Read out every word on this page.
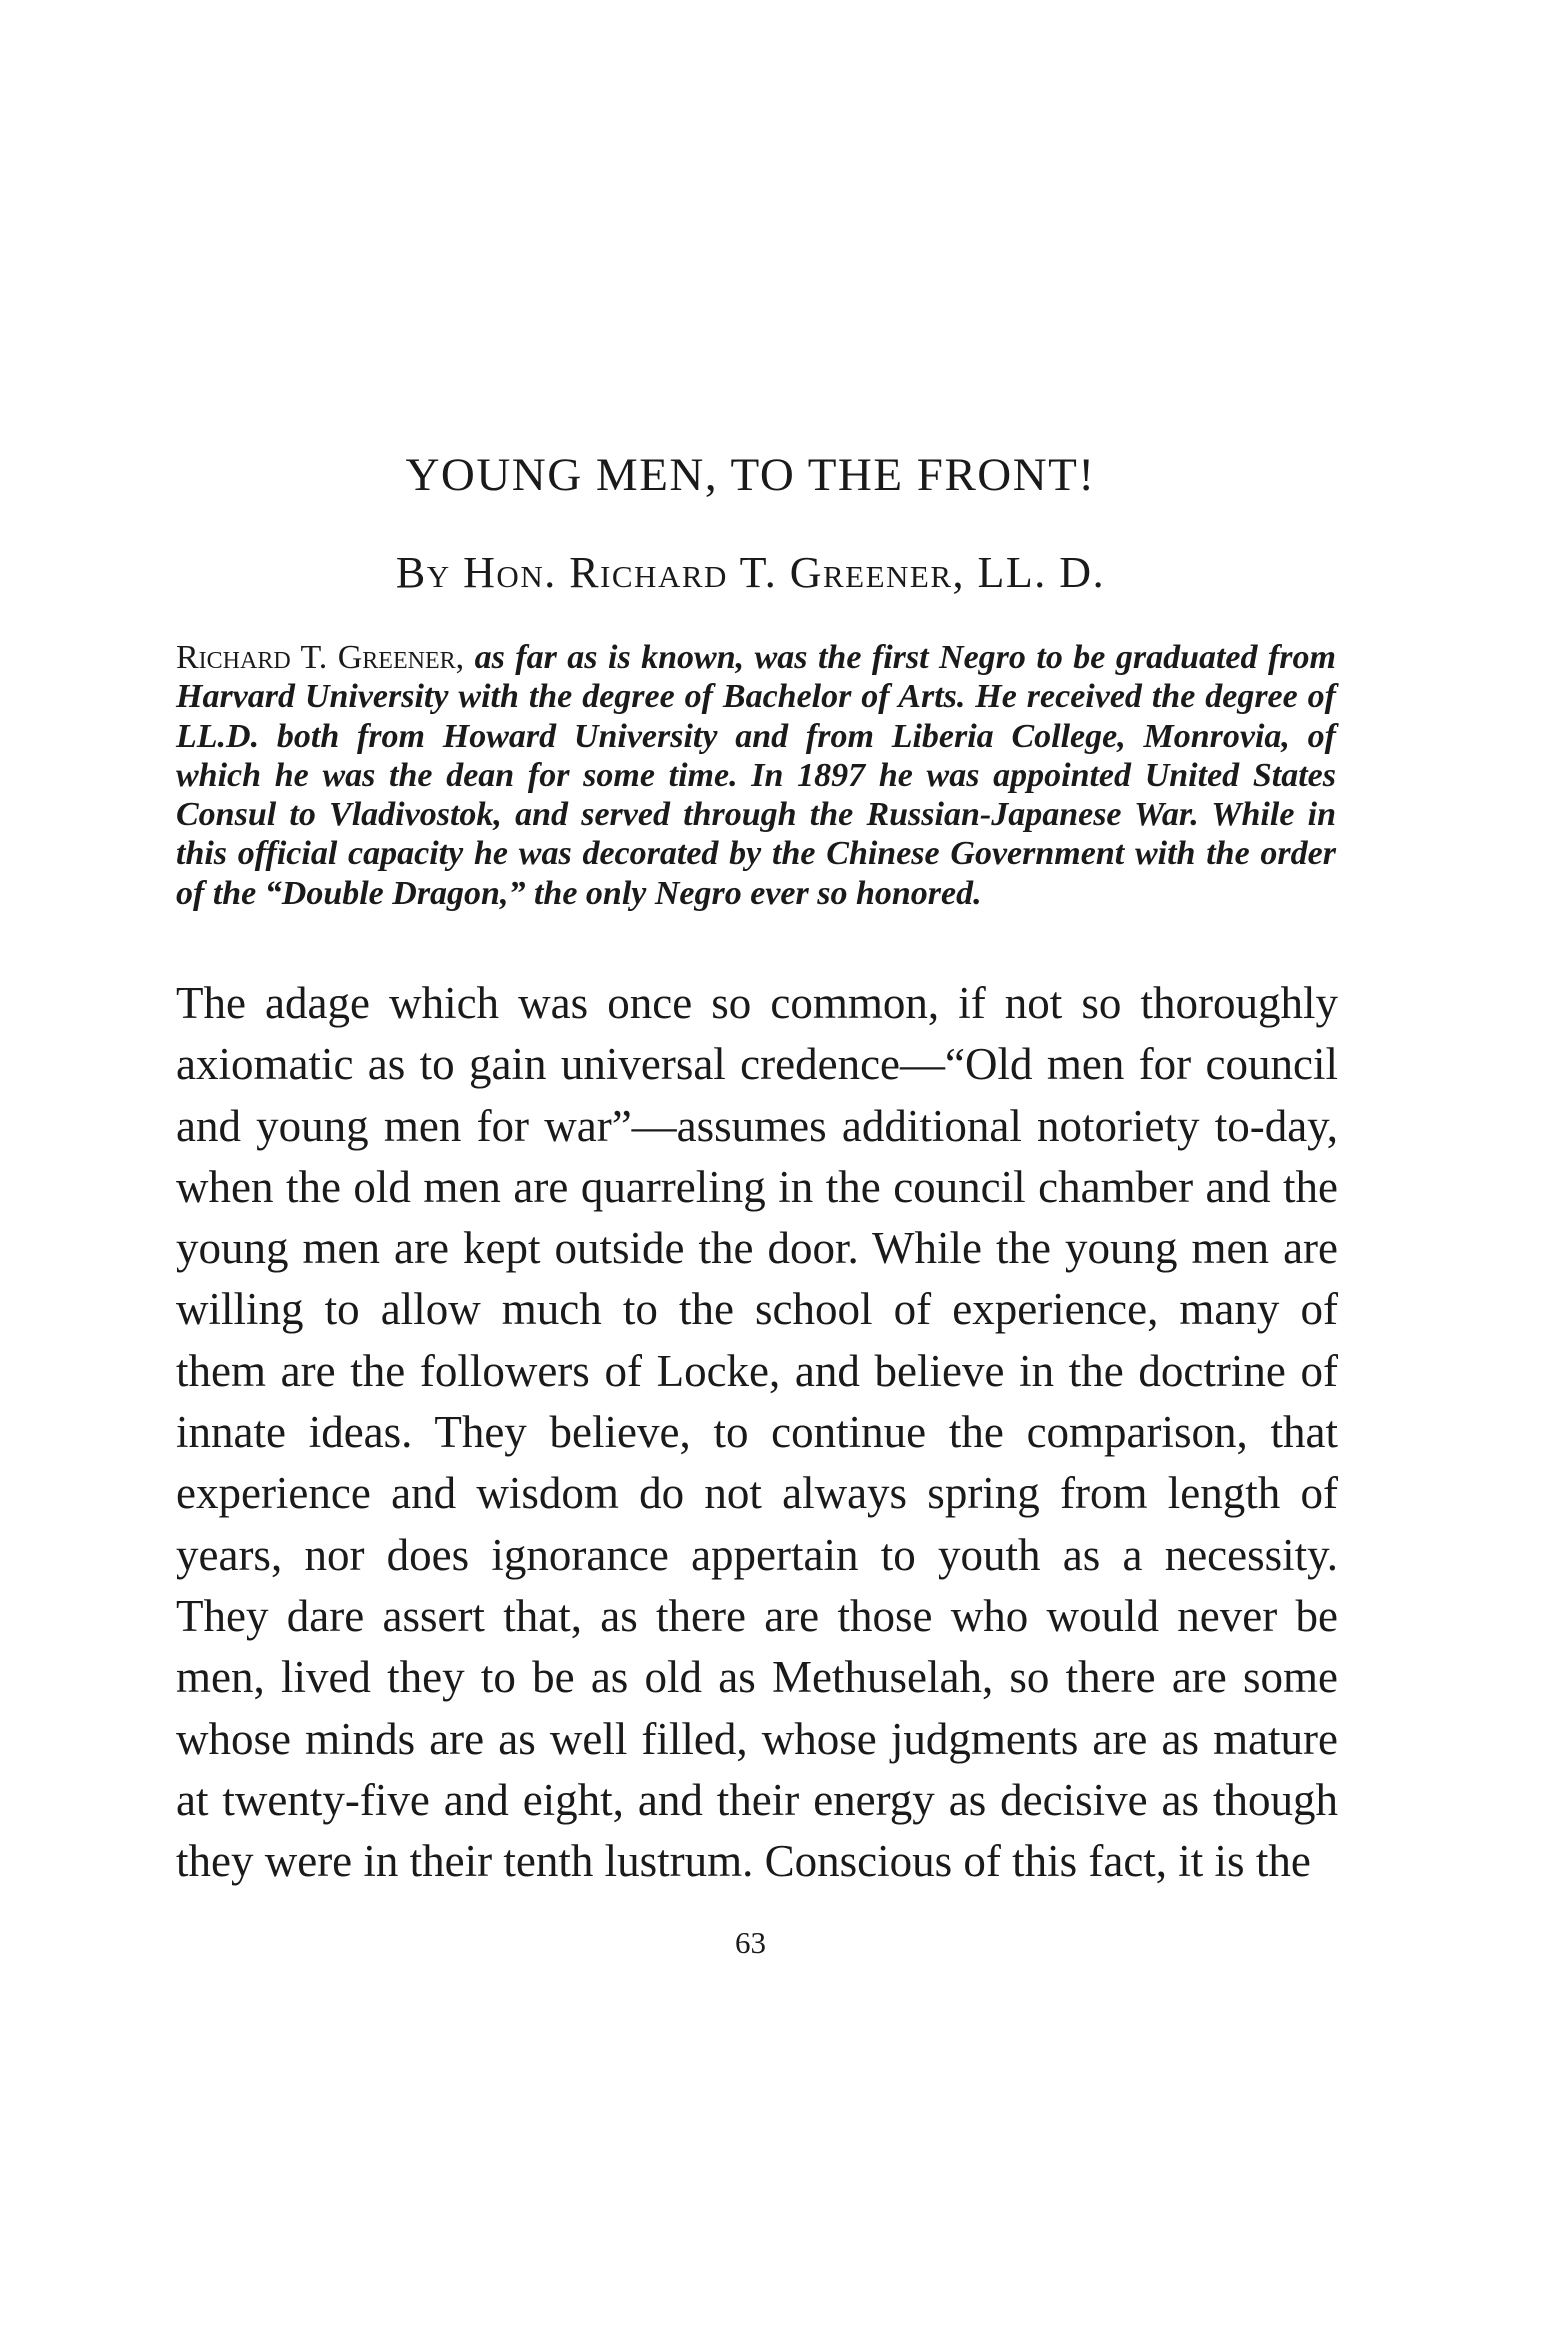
YOUNG MEN, TO THE FRONT!
By Hon. Richard T. Greener, LL. D.

Richard T. Greener, as far as is known, was the first Negro to be graduated from Harvard University with the degree of Bachelor of Arts. He received the degree of LL.D. both from Howard University and from Liberia College, Monrovia, of which he was the dean for some time. In 1897 he was appointed United States Consul to Vladivostok, and served through the Russian-Japanese War. While in this official capacity he was decorated by the Chinese Government with the order of the “Double Dragon,” the only Negro ever so honored.

The adage which was once so common, if not so thoroughly axiomatic as to gain universal credence—“Old men for council and young men for war”—assumes additional notoriety to-day, when the old men are quarreling in the council chamber and the young men are kept outside the door. While the young men are willing to allow much to the school of experience, many of them are the followers of Locke, and believe in the doctrine of innate ideas. They believe, to continue the comparison, that experience and wisdom do not always spring from length of years, nor does ignorance appertain to youth as a necessity. They dare assert that, as there are those who would never be men, lived they to be as old as Methuselah, so there are some whose minds are as well filled, whose judgments are as mature at twenty-five and eight, and their energy as decisive as though they were in their tenth lustrum. Conscious of this fact, it is the

63
